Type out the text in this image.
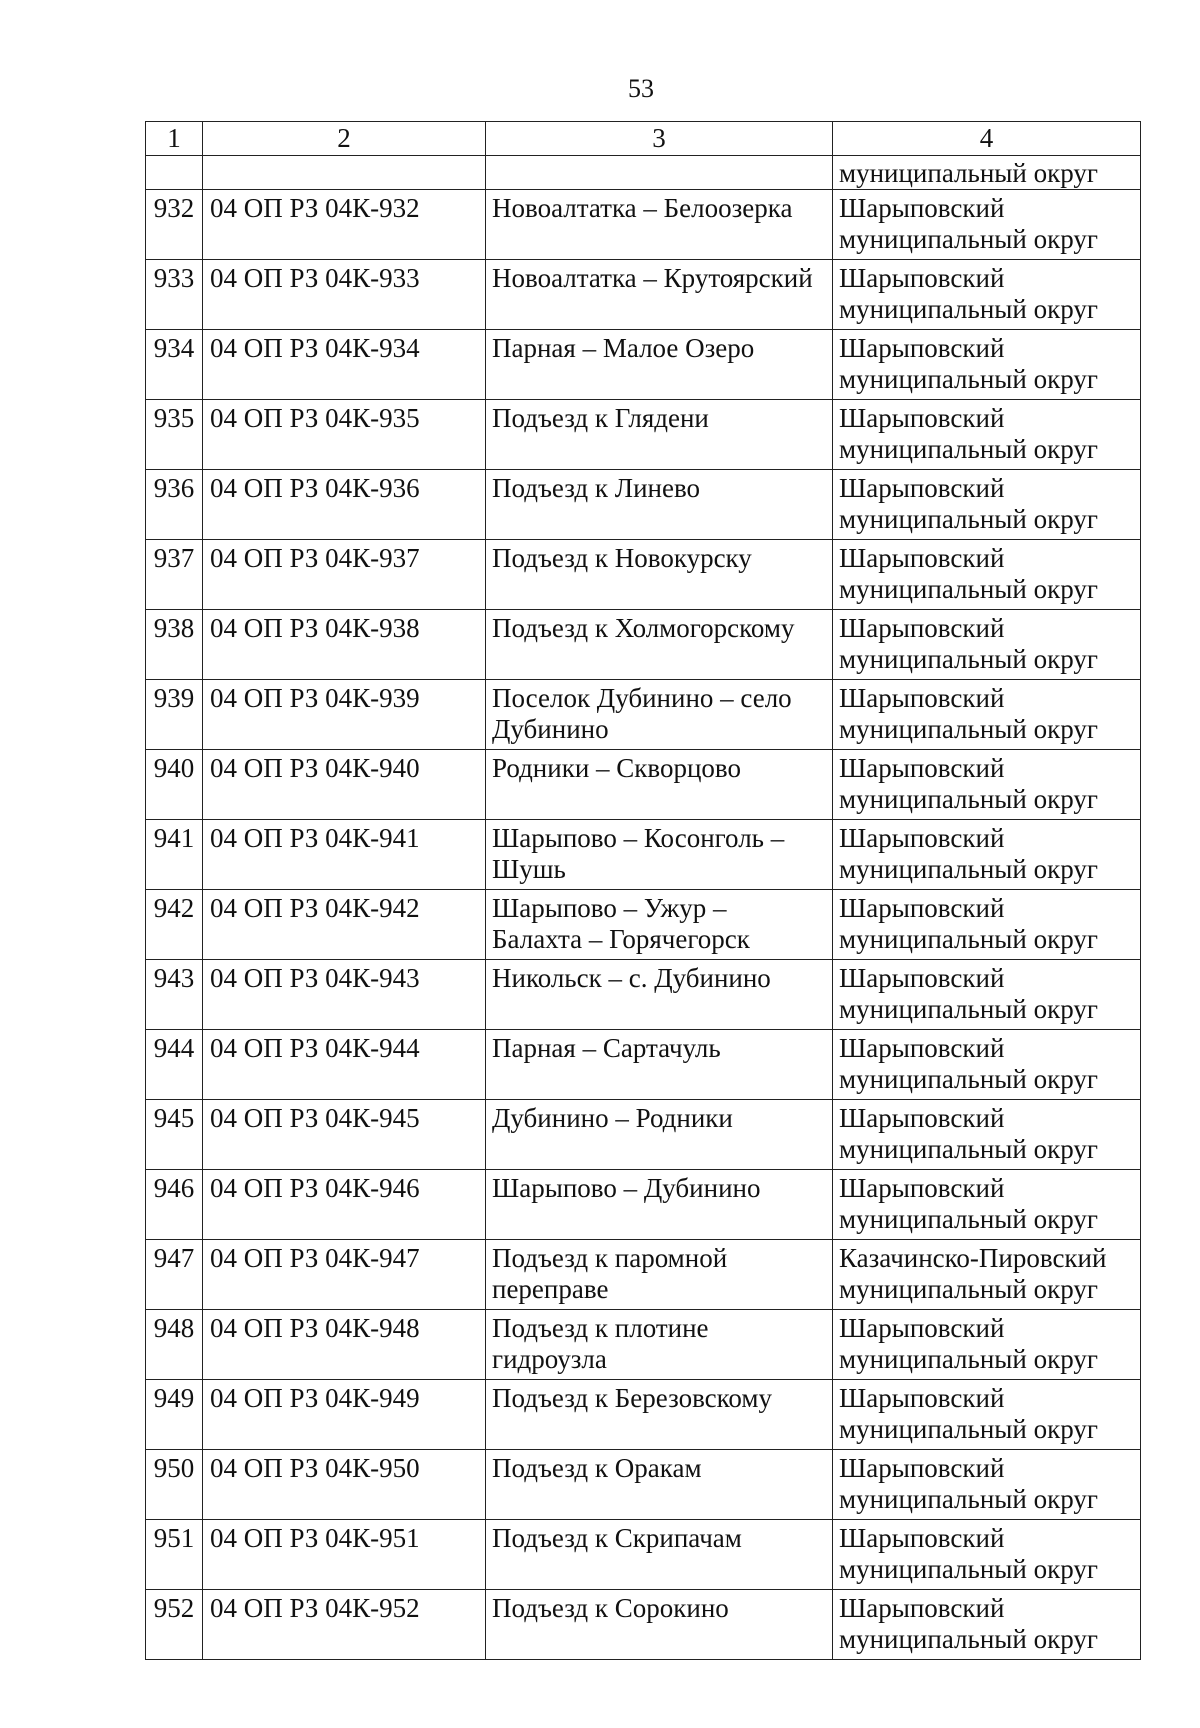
53
1	2	3	4

			муниципальный округ

932	04 ОП РЗ 04К-932	Новоалтатка – Белоозерка	Шарыповский
муниципальный округ

933	04 ОП РЗ 04К-933	Новоалтатка – Крутоярский	Шарыповский
муниципальный округ

934	04 ОП РЗ 04К-934	Парная – Малое Озеро	Шарыповский
муниципальный округ

935	04 ОП РЗ 04К-935	Подъезд к Глядени	Шарыповский
муниципальный округ

936	04 ОП РЗ 04К-936	Подъезд к Линево	Шарыповский
муниципальный округ

937	04 ОП РЗ 04К-937	Подъезд к Новокурску	Шарыповский
муниципальный округ

938	04 ОП РЗ 04К-938	Подъезд к Холмогорскому	Шарыповский
муниципальный округ

939	04 ОП РЗ 04К-939	Поселок Дубинино – село
Дубинино	Шарыповский
муниципальный округ

940	04 ОП РЗ 04К-940	Родники – Скворцово	Шарыповский
муниципальный округ

941	04 ОП РЗ 04К-941	Шарыпово – Косонголь –
Шушь	Шарыповский
муниципальный округ

942	04 ОП РЗ 04К-942	Шарыпово – Ужур –
Балахта – Горячегорск	Шарыповский
муниципальный округ

943	04 ОП РЗ 04К-943	Никольск – с. Дубинино	Шарыповский
муниципальный округ

944	04 ОП РЗ 04К-944	Парная – Сартачуль	Шарыповский
муниципальный округ

945	04 ОП РЗ 04К-945	Дубинино – Родники	Шарыповский
муниципальный округ

946	04 ОП РЗ 04К-946	Шарыпово – Дубинино	Шарыповский
муниципальный округ

947	04 ОП РЗ 04К-947	Подъезд к паромной
переправе	Казачинско-Пировский
муниципальный округ

948	04 ОП РЗ 04К-948	Подъезд к плотине
гидроузла	Шарыповский
муниципальный округ

949	04 ОП РЗ 04К-949	Подъезд к Березовскому	Шарыповский
муниципальный округ

950	04 ОП РЗ 04К-950	Подъезд к Оракам	Шарыповский
муниципальный округ

951	04 ОП РЗ 04К-951	Подъезд к Скрипачам	Шарыповский
муниципальный округ

952	04 ОП РЗ 04К-952	Подъезд к Сорокино	Шарыповский
муниципальный округ
